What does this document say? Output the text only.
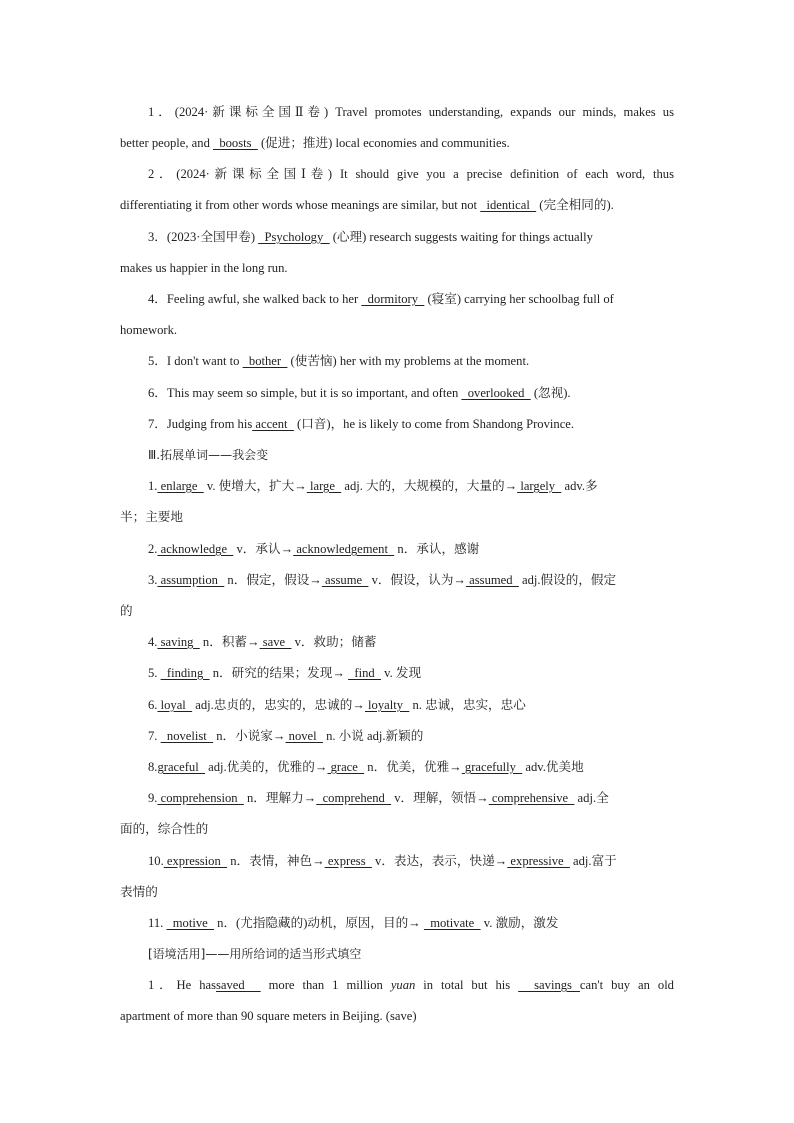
1．(2024·新课标全国Ⅱ卷) Travel promotes understanding, expands our minds, makes us
better people, and   boosts   (促进；推进) local economies and communities.
2．(2024·新课标全国Ⅰ卷) It should give you a precise definition of each word, thus
differentiating it from other words whose meanings are similar, but not   identical   (完全相同的).
3．(2023·全国甲卷)   Psychology   (心理) research suggests waiting for things actually
makes us happier in the long run.
4．Feeling awful, she walked back to her   dormitory   (寝室) carrying her schoolbag full of
homework.
5．I don't want to   bother   (使苦恼) her with my problems at the moment.
6．This may seem so simple, but it is so important, and often   overlooked   (忽视).
7．Judging from his accent   (口音)，he is likely to come from Shandong Province.
Ⅲ.拓展单词——我会变
1. enlarge   v. 使增大，扩大→ large   adj. 大的，大规模的，大量的→ largely   adv.多
半；主要地
2. acknowledge   v．承认→ acknowledgement   n．承认，感谢
3. assumption   n．假定，假设→ assume   v．假设，认为→ assumed   adj.假设的，假定
的
4. saving   n．积蓄→ save   v．救助；储蓄
5.   finding   n．研究的结果；发现→   find   v. 发现
6. loyal   adj.忠贞的，忠实的，忠诚的→ loyalty   n. 忠诚，忠实，忠心
7.   novelist   n．小说家→ novel   n. 小说 adj.新颖的
8.graceful   adj.优美的，优雅的→ grace   n．优美，优雅→ gracefully   adv.优美地
9. comprehension   n．理解力→  comprehend   v．理解，领悟→ comprehensive   adj.全
面的，综合性的
10. expression   n．表情，神色→ express   v．表达，表示，快递→ expressive   adj.富于
表情的
11.   motive   n．(尤指隐藏的)动机，原因，目的→   motivate   v. 激励，激发
[语境活用]——用所给词的适当形式填空
1．He hassaved   more than 1 million yuan in total but his   savings can't buy an old
apartment of more than 90 square meters in Beijing. (save)
